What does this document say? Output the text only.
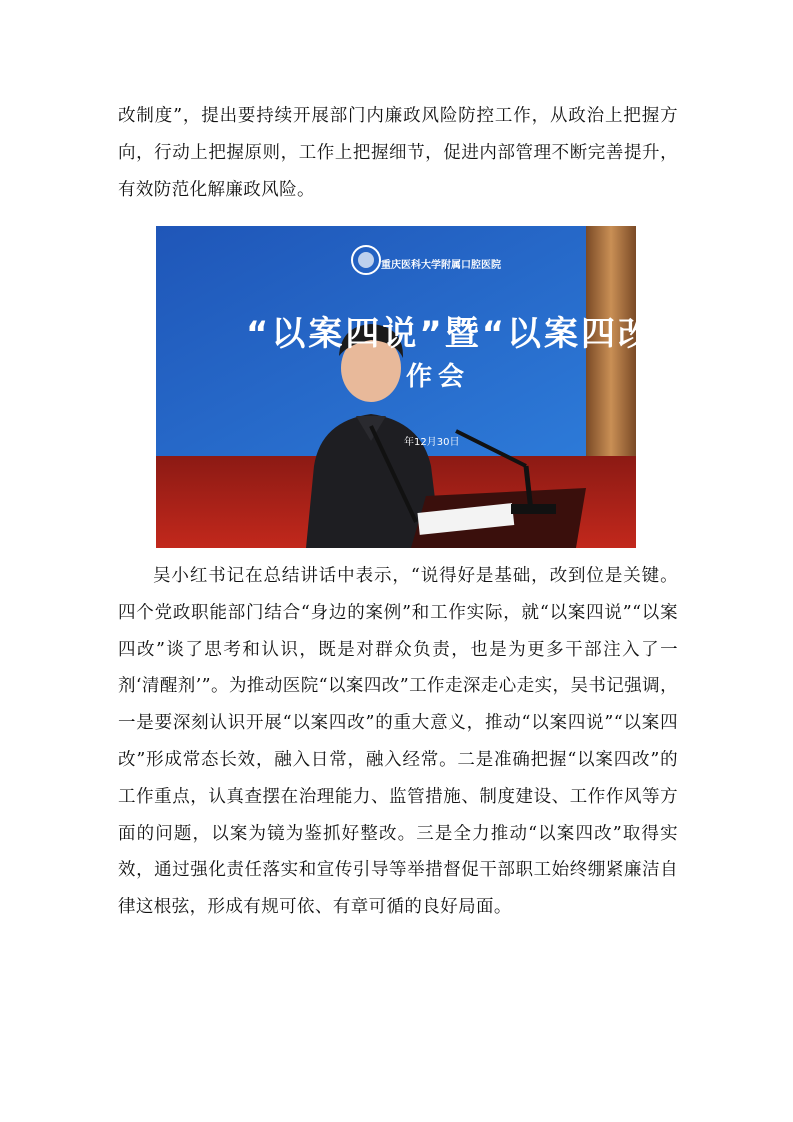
改制度”，提出要持续开展部门内廉政风险防控工作，从政治上把握方向，行动上把握原则，工作上把握细节，促进内部管理不断完善提升，有效防范化解廉政风险。

重庆医科大学附属口腔医院
“以案四说”暨“以案四改”
作会
年12月30日

吴小红书记在总结讲话中表示，“说得好是基础，改到位是关键。四个党政职能部门结合“身边的案例”和工作实际，就“以案四说”“以案四改”谈了思考和认识，既是对群众负责，也是为更多干部注入了一剂‘清醒剂’”。为推动医院“以案四改”工作走深走心走实，吴书记强调，一是要深刻认识开展“以案四改”的重大意义，推动“以案四说”“以案四改”形成常态长效，融入日常，融入经常。二是准确把握“以案四改”的工作重点，认真查摆在治理能力、监管措施、制度建设、工作作风等方面的问题，以案为镜为鉴抓好整改。三是全力推动“以案四改”取得实效，通过强化责任落实和宣传引导等举措督促干部职工始终绷紧廉洁自律这根弦，形成有规可依、有章可循的良好局面。
